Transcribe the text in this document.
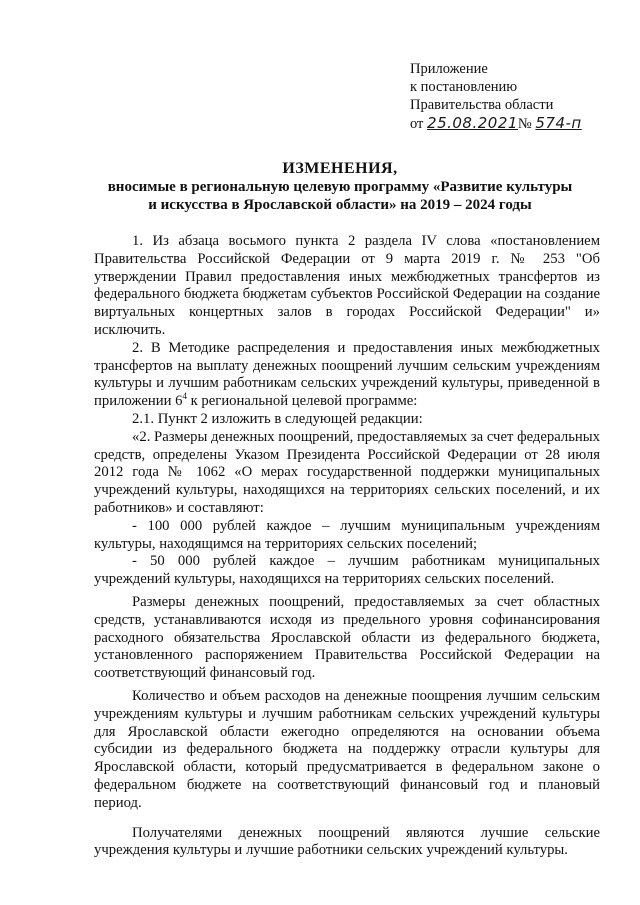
Приложение
к постановлению
Правительства области
от 25.08.2021№ 574-п
ИЗМЕНЕНИЯ,
вносимые в региональную целевую программу «Развитие культуры
и искусства в Ярославской области» на 2019 – 2024 годы

1. Из абзаца восьмого пункта 2 раздела IV слова «постановлением Правительства Российской Федерации от 9 марта 2019 г. № 253 "Об утверждении Правил предоставления иных межбюджетных трансфертов из федерального бюджета бюджетам субъектов Российской Федерации на создание виртуальных концертных залов в городах Российской Федерации" и» исключить.

2. В Методике распределения и предоставления иных межбюджетных трансфертов на выплату денежных поощрений лучшим сельским учреждениям культуры и лучшим работникам сельских учреждений культуры, приведенной в приложении $6^4$ к региональной целевой программе:

2.1. Пункт 2 изложить в следующей редакции:

«2. Размеры денежных поощрений, предоставляемых за счет федеральных средств, определены Указом Президента Российской Федерации от 28 июля 2012 года № 1062 «О мерах государственной поддержки муниципальных учреждений культуры, находящихся на территориях сельских поселений, и их работников» и составляют:

- 100 000 рублей каждое – лучшим муниципальным учреждениям культуры, находящимся на территориях сельских поселений;

- 50 000 рублей каждое – лучшим работникам муниципальных учреждений культуры, находящихся на территориях сельских поселений.

Размеры денежных поощрений, предоставляемых за счет областных средств, устанавливаются исходя из предельного уровня софинансирования расходного обязательства Ярославской области из федерального бюджета, установленного распоряжением Правительства Российской Федерации на соответствующий финансовый год.

Количество и объем расходов на денежные поощрения лучшим сельским учреждениям культуры и лучшим работникам сельских учреждений культуры для Ярославской области ежегодно определяются на основании объема субсидии из федерального бюджета на поддержку отрасли культуры для Ярославской области, который предусматривается в федеральном законе о федеральном бюджете на соответствующий финансовый год и плановый период.

Получателями денежных поощрений являются лучшие сельские учреждения культуры и лучшие работники сельских учреждений культуры.
